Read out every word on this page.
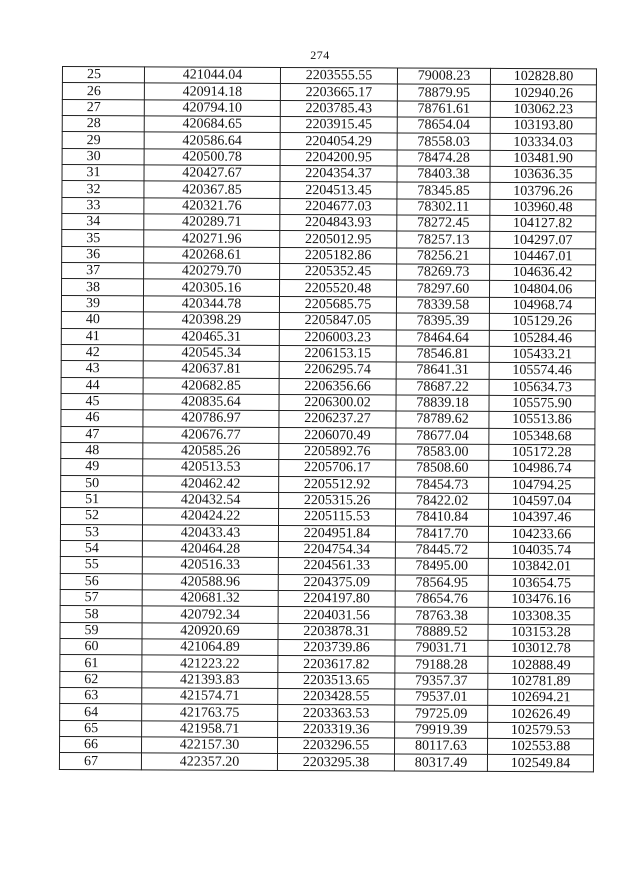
274
25	421044.04	2203555.55	79008.23	102828.80
26	420914.18	2203665.17	78879.95	102940.26
27	420794.10	2203785.43	78761.61	103062.23
28	420684.65	2203915.45	78654.04	103193.80
29	420586.64	2204054.29	78558.03	103334.03
30	420500.78	2204200.95	78474.28	103481.90
31	420427.67	2204354.37	78403.38	103636.35
32	420367.85	2204513.45	78345.85	103796.26
33	420321.76	2204677.03	78302.11	103960.48
34	420289.71	2204843.93	78272.45	104127.82
35	420271.96	2205012.95	78257.13	104297.07
36	420268.61	2205182.86	78256.21	104467.01
37	420279.70	2205352.45	78269.73	104636.42
38	420305.16	2205520.48	78297.60	104804.06
39	420344.78	2205685.75	78339.58	104968.74
40	420398.29	2205847.05	78395.39	105129.26
41	420465.31	2206003.23	78464.64	105284.46
42	420545.34	2206153.15	78546.81	105433.21
43	420637.81	2206295.74	78641.31	105574.46
44	420682.85	2206356.66	78687.22	105634.73
45	420835.64	2206300.02	78839.18	105575.90
46	420786.97	2206237.27	78789.62	105513.86
47	420676.77	2206070.49	78677.04	105348.68
48	420585.26	2205892.76	78583.00	105172.28
49	420513.53	2205706.17	78508.60	104986.74
50	420462.42	2205512.92	78454.73	104794.25
51	420432.54	2205315.26	78422.02	104597.04
52	420424.22	2205115.53	78410.84	104397.46
53	420433.43	2204951.84	78417.70	104233.66
54	420464.28	2204754.34	78445.72	104035.74
55	420516.33	2204561.33	78495.00	103842.01
56	420588.96	2204375.09	78564.95	103654.75
57	420681.32	2204197.80	78654.76	103476.16
58	420792.34	2204031.56	78763.38	103308.35
59	420920.69	2203878.31	78889.52	103153.28
60	421064.89	2203739.86	79031.71	103012.78
61	421223.22	2203617.82	79188.28	102888.49
62	421393.83	2203513.65	79357.37	102781.89
63	421574.71	2203428.55	79537.01	102694.21
64	421763.75	2203363.53	79725.09	102626.49
65	421958.71	2203319.36	79919.39	102579.53
66	422157.30	2203296.55	80117.63	102553.88
67	422357.20	2203295.38	80317.49	102549.84
